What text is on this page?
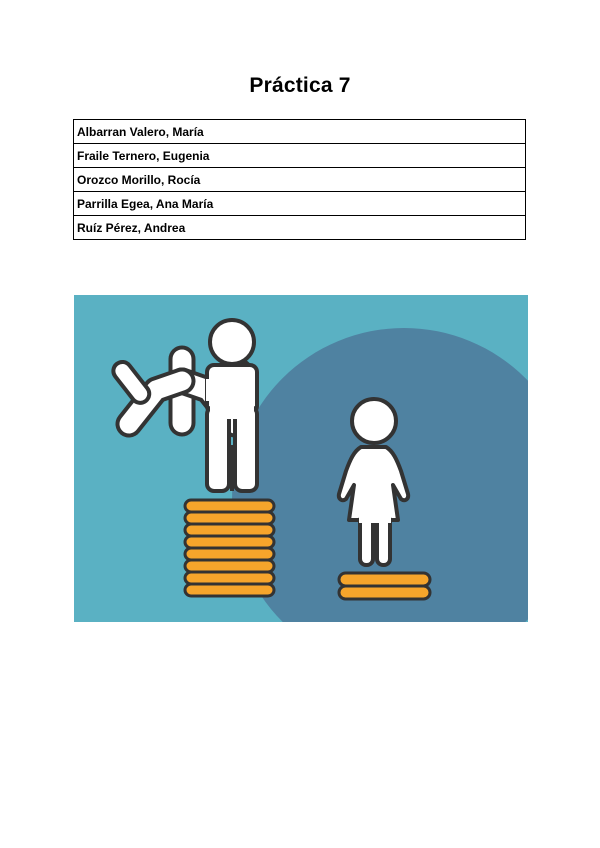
Práctica 7
Albarran Valero, María
Fraile Ternero, Eugenia
Orozco Morillo, Rocía
Parrilla Egea, Ana María
Ruíz Pérez, Andrea
